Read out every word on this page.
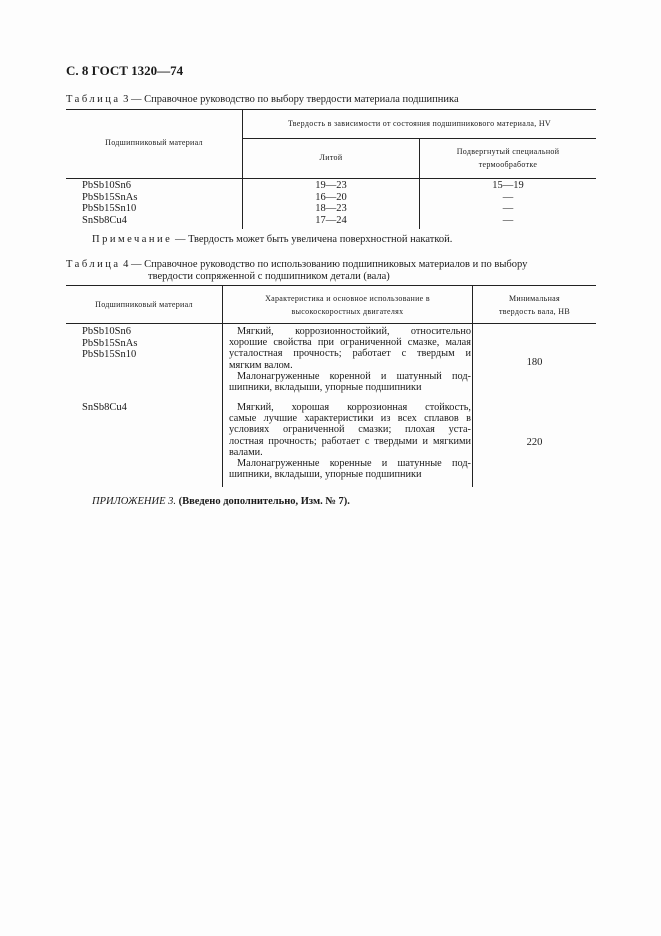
С. 8 ГОСТ 1320—74
Таблица 3 — Справочное руководство по выбору твердости материала подшипника
Подшипниковый материал
Твердость в зависимости от состояния подшипникового материала, HV
Литой
Подвергнутый специальной
термообработке
PbSb10Sn6
PbSb15SnAs
PbSb15Sn10
SnSb8Cu4
19—23
16—20
18—23
17—24
15—19
—
—
—
Примечание — Твердость может быть увеличена поверхностной накаткой.
Таблица 4 — Справочное руководство по использованию подшипниковых материалов и по выбору
твердости сопряженной с подшипником детали (вала)
Подшипниковый материал
Характеристика и основное использование в
высокоскоростных двигателях
Минимальная
твердость вала, HB
PbSb10Sn6
PbSb15SnAs
PbSb15Sn10
Мягкий, коррозионностойкий, относительно
хорошие свойства при ограниченной смазке, малая
усталостная прочность; работает с твердым и
мягким валом.
Малонагруженные коренной и шатунный под-
шипники, вкладыши, упорные подшипники
180
SnSb8Cu4	Мягкий, хорошая коррозионная стойкость,
самые лучшие характеристики из всех сплавов в
условиях ограниченной смазки; плохая уста-
лостная прочность; работает с твердыми и мягкими
валами.
Малонагруженные коренные и шатунные под-
шипники, вкладыши, упорные подшипники
220
ПРИЛОЖЕНИЕ 3. (Введено дополнительно, Изм. № 7).
